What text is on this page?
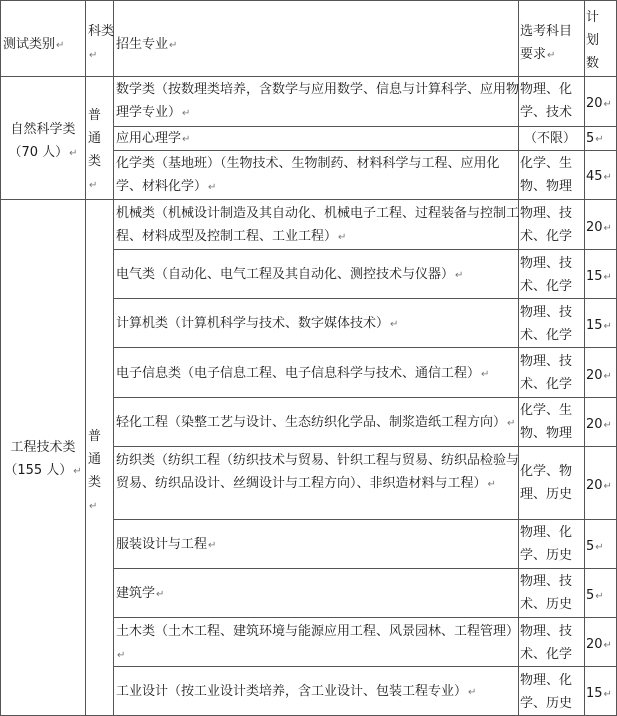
测试类别↵
科类↵
招生专业↵
选考科目要求↵
计划数
自然科学类
（70 人）↵
普通类↵
工程技术类
（155 人）↵
普通类↵
数学类（按数理类培养，含数学与应用数学、信息与计算科学、应用物理学专业）↵
物理、化学、技术
20↵
应用心理学↵	（不限） 5↵
化学类（基地班）（生物技术、生物制药、材料科学与工程、应用化学、材料化学）↵
化学、生物、物理
45↵
机械类（机械设计制造及其自动化、机械电子工程、过程装备与控制工程、材料成型及控制工程、工业工程）↵
物理、技术、化学
20↵
电气类（自动化、电气工程及其自动化、测控技术与仪器）↵
物理、技术、化学
15↵
计算机类（计算机科学与技术、数字媒体技术）↵
物理、技术、化学
15↵
电子信息类（电子信息工程、电子信息科学与技术、通信工程）↵
物理、技术、化学
20↵
轻化工程（染整工艺与设计、生态纺织化学品、制浆造纸工程方向）↵
化学、生物、物理
20↵
纺织类（纺织工程（纺织技术与贸易、针织工程与贸易、纺织品检验与贸易、纺织品设计、丝绸设计与工程方向）、非织造材料与工程）↵
化学、物理、历史
20↵
服装设计与工程↵
物理、化学、历史
5↵
建筑学↵
物理、技术、历史
5↵
土木类（土木工程、建筑环境与能源应用工程、风景园林、工程管理）↵
物理、技术、化学
20↵
工业设计（按工业设计类培养，含工业设计、包装工程专业）↵
物理、化学、历史
15↵
